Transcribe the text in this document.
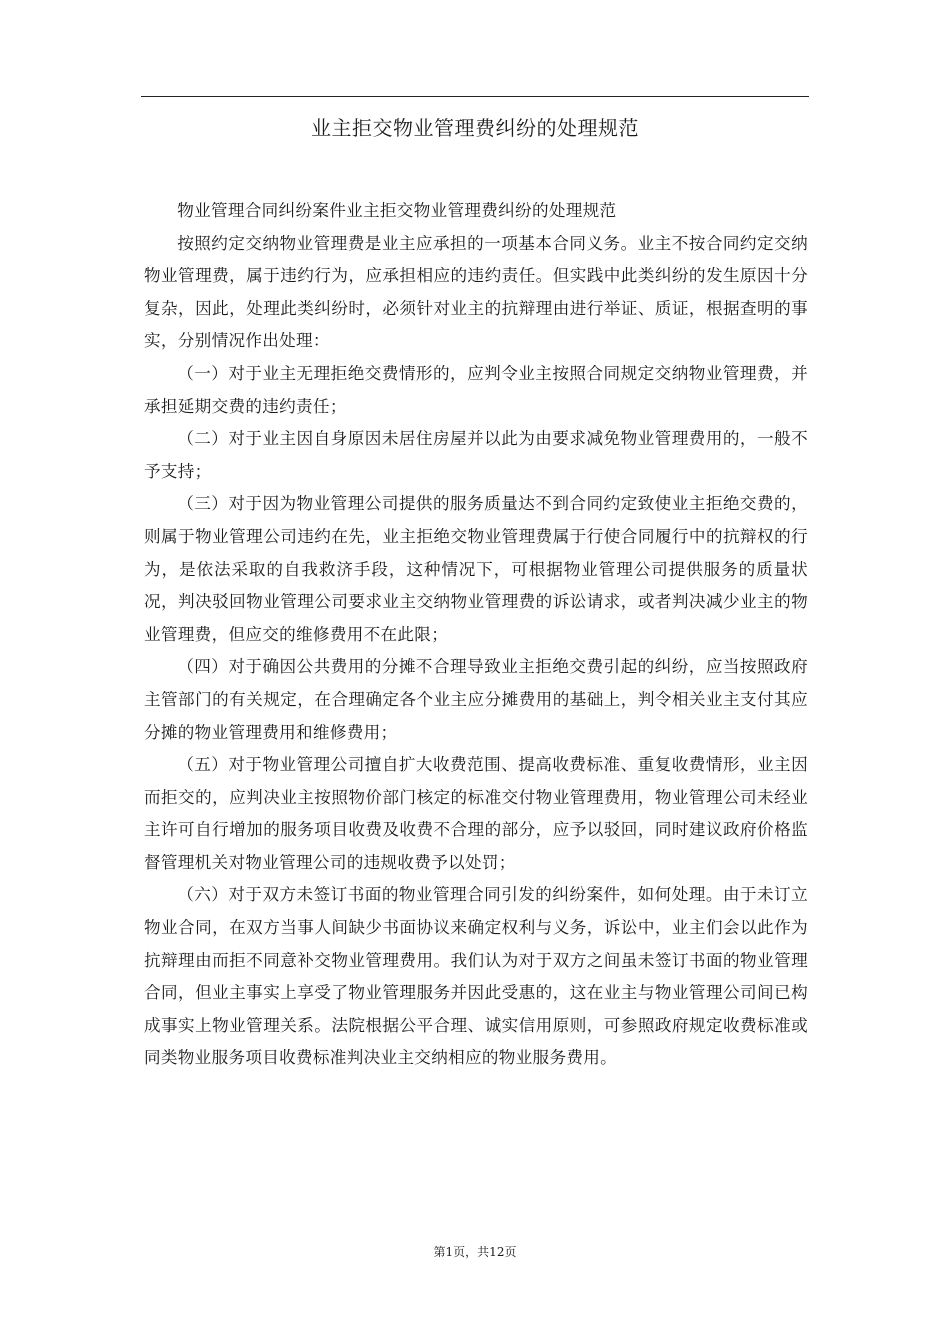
业主拒交物业管理费纠纷的处理规范

物业管理合同纠纷案件业主拒交物业管理费纠纷的处理规范

按照约定交纳物业管理费是业主应承担的一项基本合同义务。业主不按合同约定交纳物业管理费，属于违约行为，应承担相应的违约责任。但实践中此类纠纷的发生原因十分复杂，因此，处理此类纠纷时，必须针对业主的抗辩理由进行举证、质证，根据查明的事实，分别情况作出处理：

（一）对于业主无理拒绝交费情形的，应判令业主按照合同规定交纳物业管理费，并承担延期交费的违约责任；

（二）对于业主因自身原因未居住房屋并以此为由要求减免物业管理费用的，一般不予支持；

（三）对于因为物业管理公司提供的服务质量达不到合同约定致使业主拒绝交费的，则属于物业管理公司违约在先，业主拒绝交物业管理费属于行使合同履行中的抗辩权的行为，是依法采取的自我救济手段，这种情况下，可根据物业管理公司提供服务的质量状况，判决驳回物业管理公司要求业主交纳物业管理费的诉讼请求，或者判决减少业主的物业管理费，但应交的维修费用不在此限；

（四）对于确因公共费用的分摊不合理导致业主拒绝交费引起的纠纷，应当按照政府主管部门的有关规定，在合理确定各个业主应分摊费用的基础上，判令相关业主支付其应分摊的物业管理费用和维修费用；

（五）对于物业管理公司擅自扩大收费范围、提高收费标准、重复收费情形，业主因而拒交的，应判决业主按照物价部门核定的标准交付物业管理费用，物业管理公司未经业主许可自行增加的服务项目收费及收费不合理的部分，应予以驳回，同时建议政府价格监督管理机关对物业管理公司的违规收费予以处罚；

（六）对于双方未签订书面的物业管理合同引发的纠纷案件，如何处理。由于未订立物业合同，在双方当事人间缺少书面协议来确定权利与义务，诉讼中，业主们会以此作为抗辩理由而拒不同意补交物业管理费用。我们认为对于双方之间虽未签订书面的物业管理合同，但业主事实上享受了物业管理服务并因此受惠的，这在业主与物业管理公司间已构成事实上物业管理关系。法院根据公平合理、诚实信用原则，可参照政府规定收费标准或同类物业服务项目收费标准判决业主交纳相应的物业服务费用。

第1页，共12页
